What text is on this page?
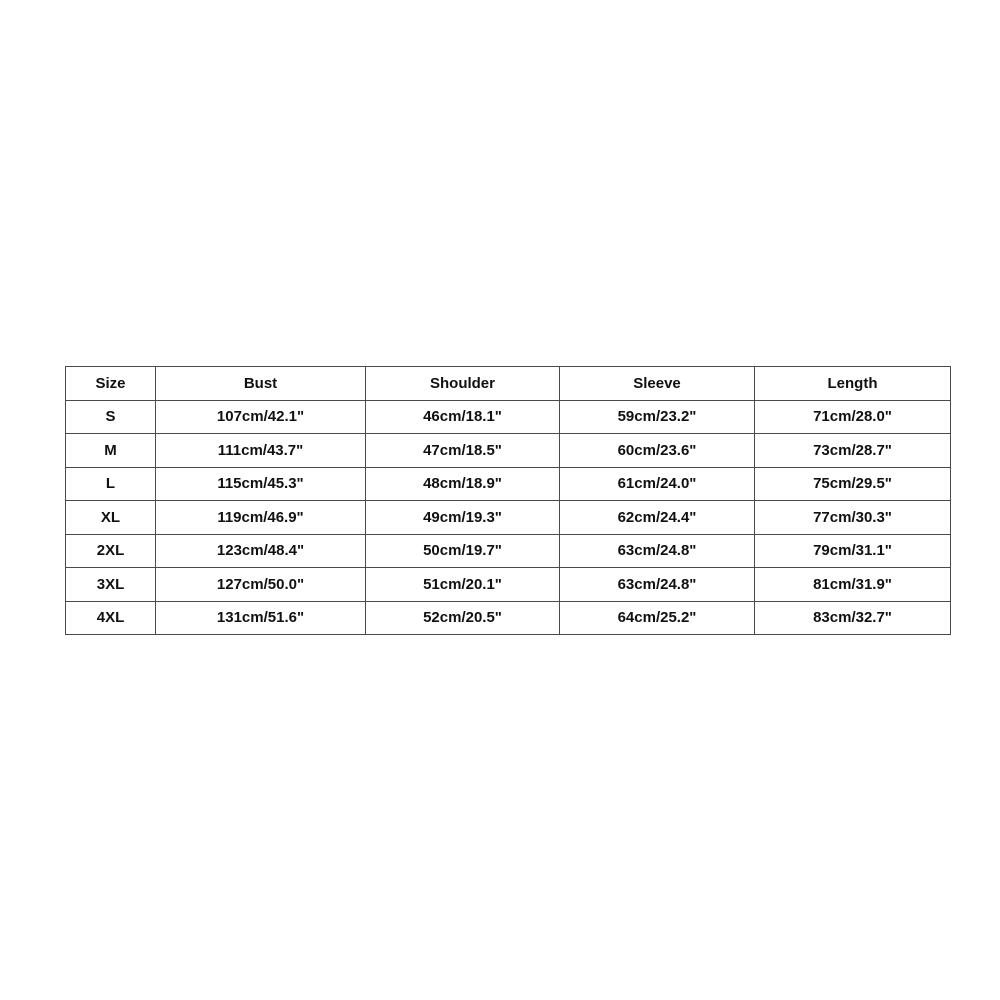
Size	Bust	Shoulder	Sleeve	Length
S	107cm/42.1"	46cm/18.1"	59cm/23.2"	71cm/28.0"
M	111cm/43.7"	47cm/18.5"	60cm/23.6"	73cm/28.7"
L	115cm/45.3"	48cm/18.9"	61cm/24.0"	75cm/29.5"
XL	119cm/46.9"	49cm/19.3"	62cm/24.4"	77cm/30.3"
2XL	123cm/48.4"	50cm/19.7"	63cm/24.8"	79cm/31.1"
3XL	127cm/50.0"	51cm/20.1"	63cm/24.8"	81cm/31.9"
4XL	131cm/51.6"	52cm/20.5"	64cm/25.2"	83cm/32.7"
